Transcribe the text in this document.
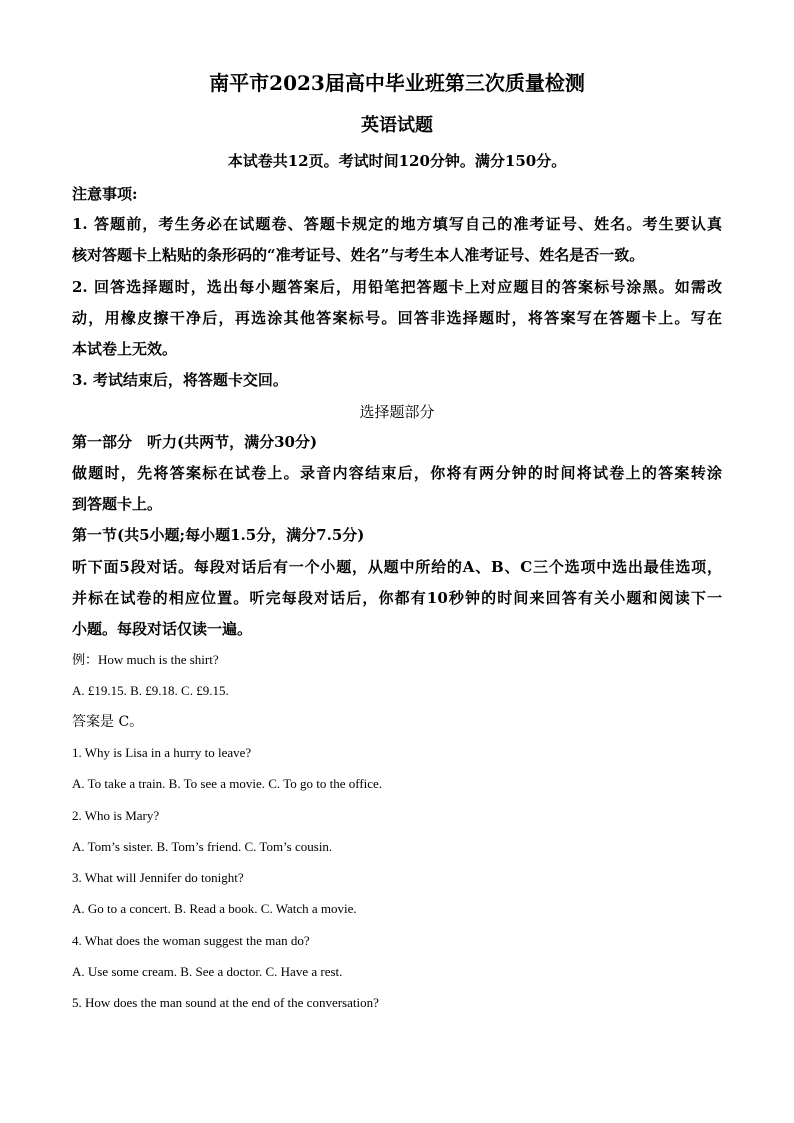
南平市2023届高中毕业班第三次质量检测
英语试题
本试卷共12页。考试时间120分钟。满分150分。
注意事项:
1. 答题前，考生务必在试题卷、答题卡规定的地方填写自己的准考证号、姓名。考生要认真
核对答题卡上粘贴的条形码的“准考证号、姓名”与考生本人准考证号、姓名是否一致。
2. 回答选择题时，选出每小题答案后，用铅笔把答题卡上对应题目的答案标号涂黑。如需改
动，用橡皮擦干净后，再选涂其他答案标号。回答非选择题时，将答案写在答题卡上。写在
本试卷上无效。
3. 考试结束后，将答题卡交回。
选择题部分
第一部分　听力(共两节，满分30分)
做题时，先将答案标在试卷上。录音内容结束后，你将有两分钟的时间将试卷上的答案转涂
到答题卡上。
第一节(共5小题;每小题1.5分，满分7.5分)
听下面5段对话。每段对话后有一个小题，从题中所给的A、B、C三个选项中选出最佳选项，
并标在试卷的相应位置。听完每段对话后，你都有10秒钟的时间来回答有关小题和阅读下一
小题。每段对话仅读一遍。
例：How much is the shirt?
A. £19.15. B. £9.18. C. £9.15.
答案是 C。
1. Why is Lisa in a hurry to leave?
A. To take a train. B. To see a movie. C. To go to the office.
2. Who is Mary?
A. Tom’s sister. B. Tom’s friend. C. Tom’s cousin.
3. What will Jennifer do tonight?
A. Go to a concert. B. Read a book. C. Watch a movie.
4. What does the woman suggest the man do?
A. Use some cream. B. See a doctor. C. Have a rest.
5. How does the man sound at the end of the conversation?
